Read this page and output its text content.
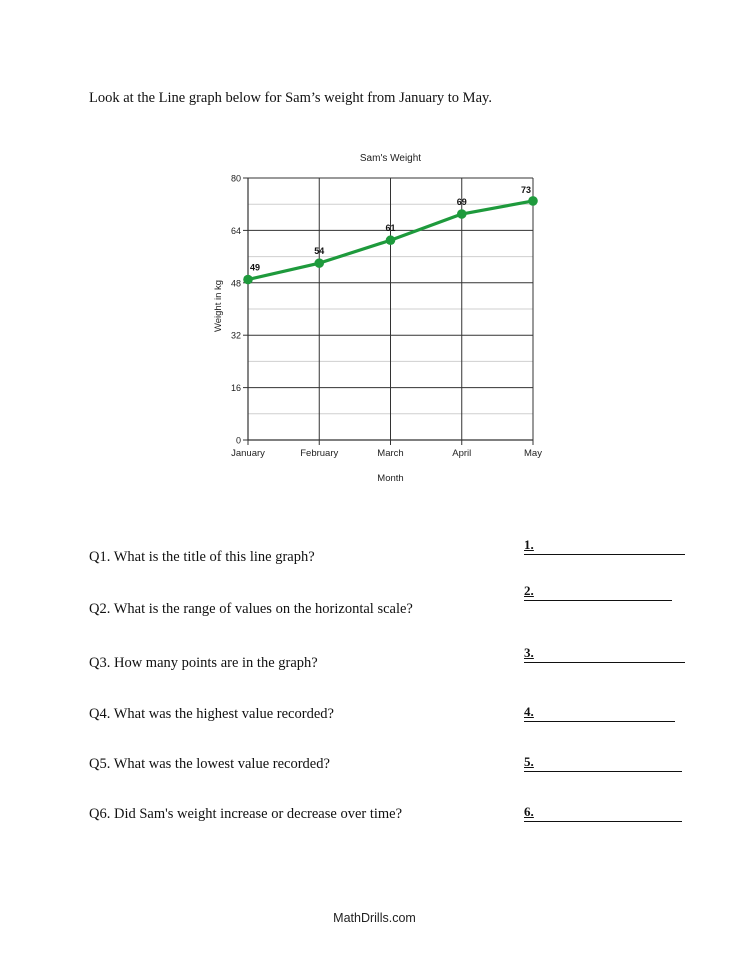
Look at the Line graph below for Sam’s weight from January to May.
0
16
32
48
64
80
January	February	March	April	May
Sam's Weight
Month
Weight in kg
49
54
61
69
73
Q1. What is the title of this line graph?
1.
Q2. What is the range of values on the horizontal scale?
2.
Q3. How many points are in the graph?
3.
Q4. What was the highest value recorded?	4.
Q5. What was the lowest value recorded?	5.
Q6. Did Sam's weight increase or decrease over time?	6.
MathDrills.com
